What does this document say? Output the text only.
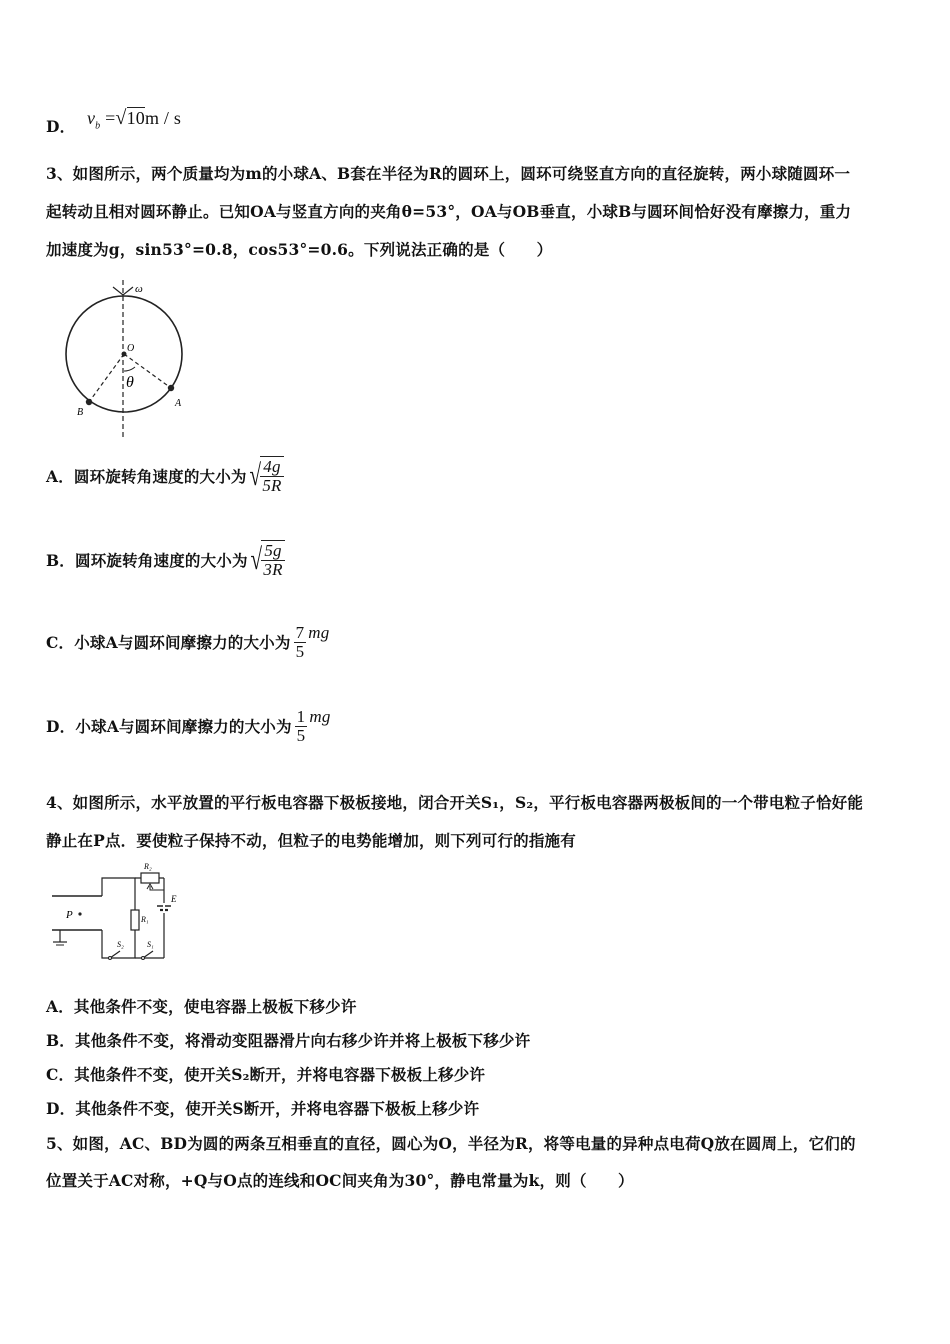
D． $v_b =√10m / s$
3、如图所示，两个质量均为m的小球A、B套在半径为R的圆环上，圆环可绕竖直方向的直径旋转，两小球随圆环一
起转动且相对圆环静止。已知OA与竖直方向的夹角θ=53°，OA与OB垂直，小球B与圆环间恰好没有摩擦力，重力
加速度为g，sin53°=0.8，cos53°=0.6。下列说法正确的是（　　）
ω
O
θ
A
B
A．圆环旋转角速度的大小为 √ $\frac{4g}{5R}$
B．圆环旋转角速度的大小为 √ $\frac{5g}{3R}$
C．小球A与圆环间摩擦力的大小为 $\frac{7}{5}$ mg
D．小球A与圆环间摩擦力的大小为 $\frac{1}{5}$ mg
4、如图所示，水平放置的平行板电容器下极板接地，闭合开关S₁，S₂，平行板电容器两极板间的一个带电粒子恰好能
静止在P点．要使粒子保持不动，但粒子的电势能增加，则下列可行的指施有
P
R₂
R₁
E
S₂	S₁
A．其他条件不变，使电容器上极板下移少许
B．其他条件不变，将滑动变阻器滑片向右移少许并将上极板下移少许
C．其他条件不变，使开关S₂断开，并将电容器下极板上移少许
D．其他条件不变，使开关S断开，并将电容器下极板上移少许
5、如图，AC、BD为圆的两条互相垂直的直径，圆心为O，半径为R，将等电量的异种点电荷Q放在圆周上，它们的
位置关于AC对称，+Q与O点的连线和OC间夹角为30°，静电常量为k，则（　　）
